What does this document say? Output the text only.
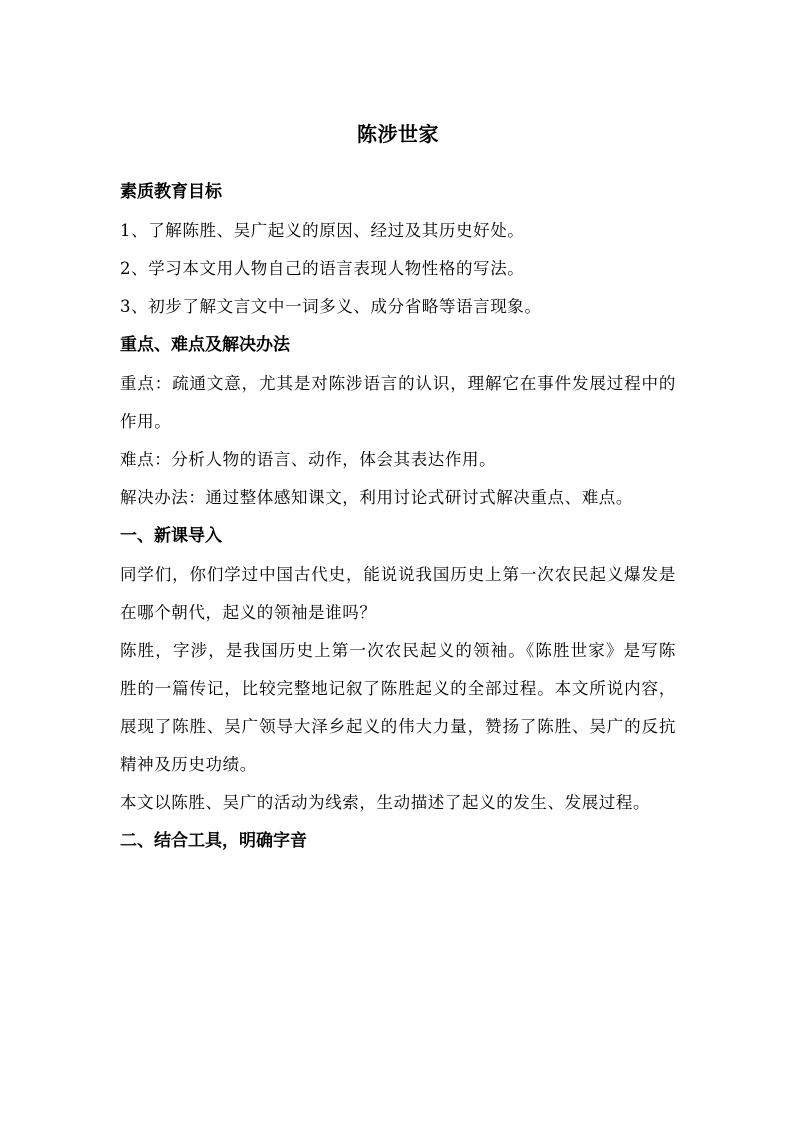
陈涉世家
素质教育目标

1、了解陈胜、吴广起义的原因、经过及其历史好处。

2、学习本文用人物自己的语言表现人物性格的写法。

3、初步了解文言文中一词多义、成分省略等语言现象。

重点、难点及解决办法

重点：疏通文意，尤其是对陈涉语言的认识，理解它在事件发展过程中的作用。

难点：分析人物的语言、动作，体会其表达作用。

解决办法：通过整体感知课文，利用讨论式研讨式解决重点、难点。

一、新课导入

同学们，你们学过中国古代史，能说说我国历史上第一次农民起义爆发是在哪个朝代，起义的领袖是谁吗？

陈胜，字涉，是我国历史上第一次农民起义的领袖。《陈胜世家》是写陈胜的一篇传记，比较完整地记叙了陈胜起义的全部过程。本文所说内容，展现了陈胜、吴广领导大泽乡起义的伟大力量，赞扬了陈胜、吴广的反抗精神及历史功绩。

本文以陈胜、吴广的活动为线索，生动描述了起义的发生、发展过程。

二、结合工具，明确字音
